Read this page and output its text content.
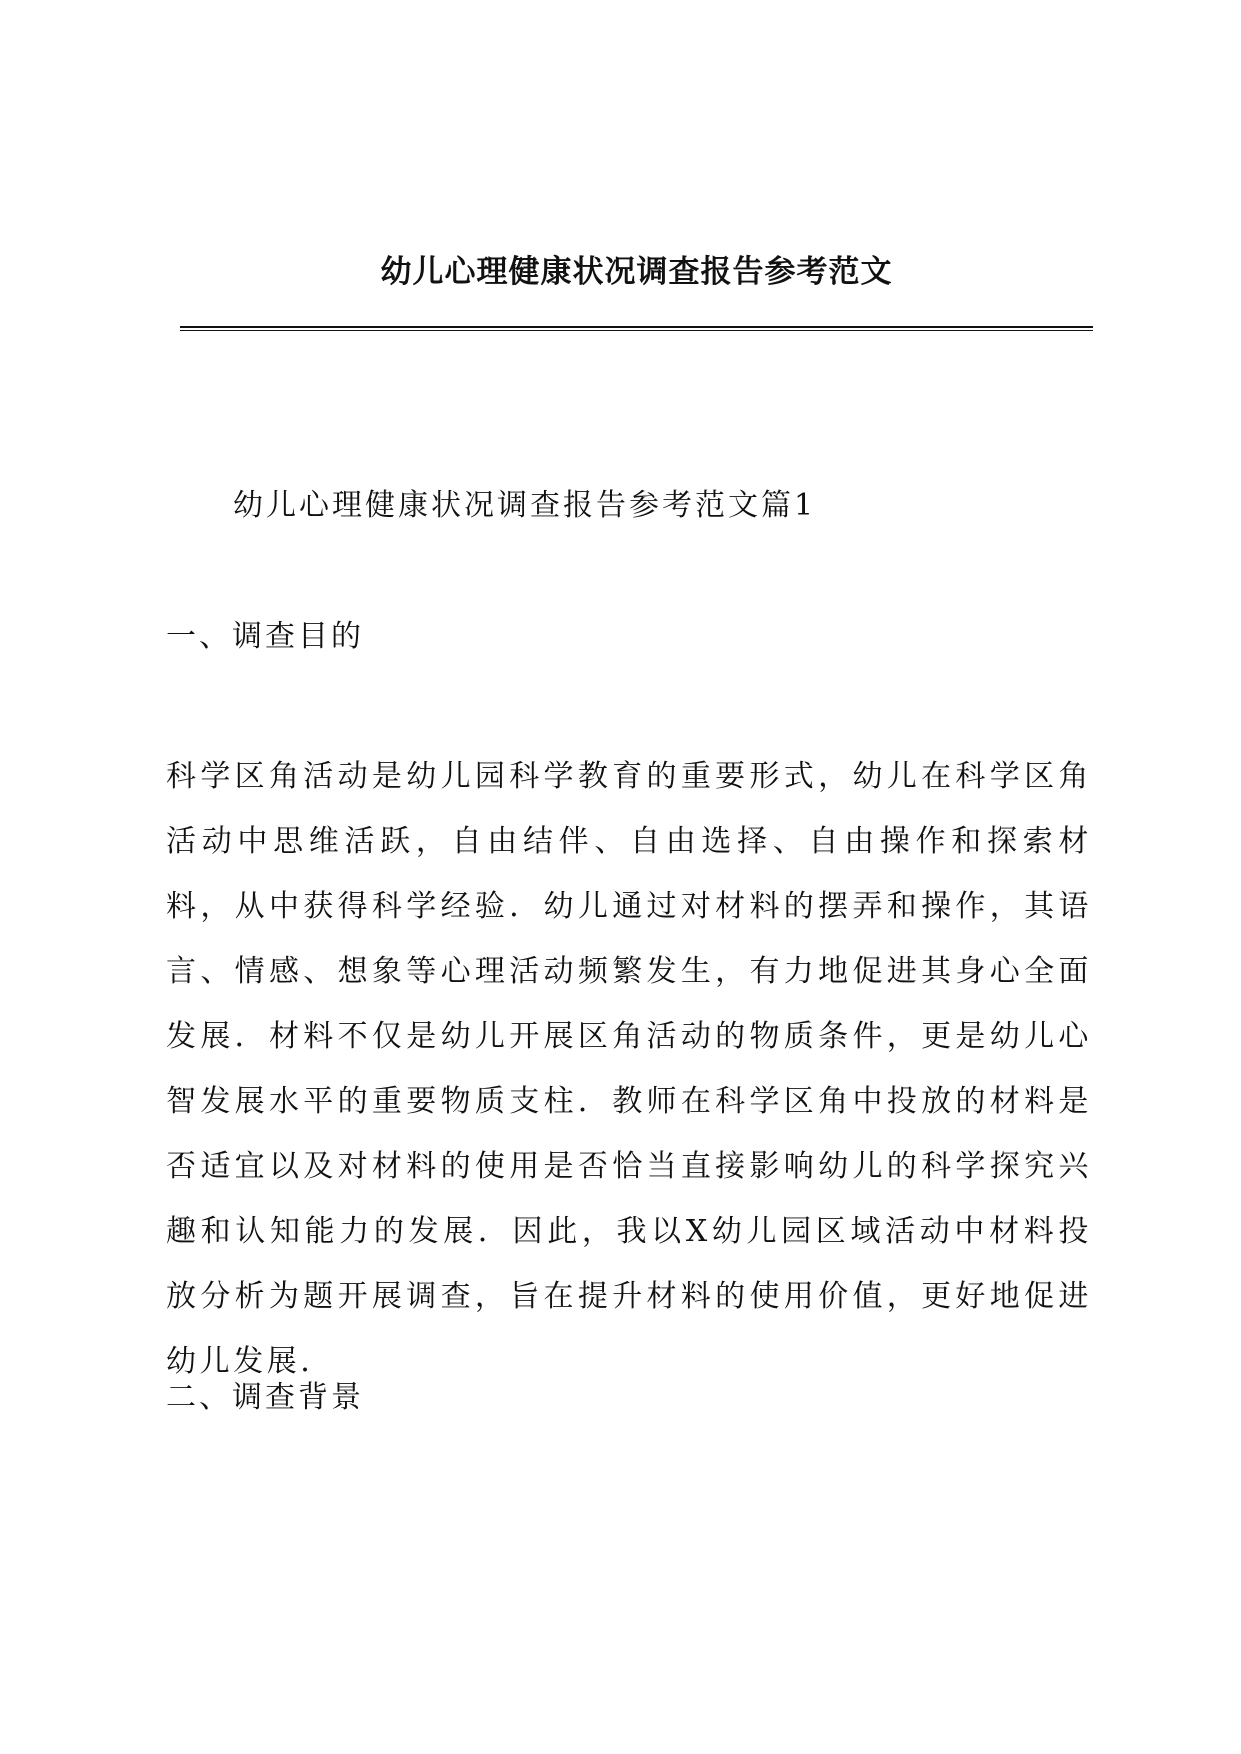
幼儿心理健康状况调查报告参考范文

幼儿心理健康状况调查报告参考范文篇1

一、调查目的

科学区角活动是幼儿园科学教育的重要形式，幼儿在科学区角活动中思维活跃，自由结伴、自由选择、自由操作和探索材料，从中获得科学经验．幼儿通过对材料的摆弄和操作，其语言、情感、想象等心理活动频繁发生，有力地促进其身心全面发展．材料不仅是幼儿开展区角活动的物质条件，更是幼儿心智发展水平的重要物质支柱．教师在科学区角中投放的材料是否适宜以及对材料的使用是否恰当直接影响幼儿的科学探究兴趣和认知能力的发展．因此，我以X幼儿园区域活动中材料投放分析为题开展调查，旨在提升材料的使用价值，更好地促进幼儿发展．

二、调查背景
